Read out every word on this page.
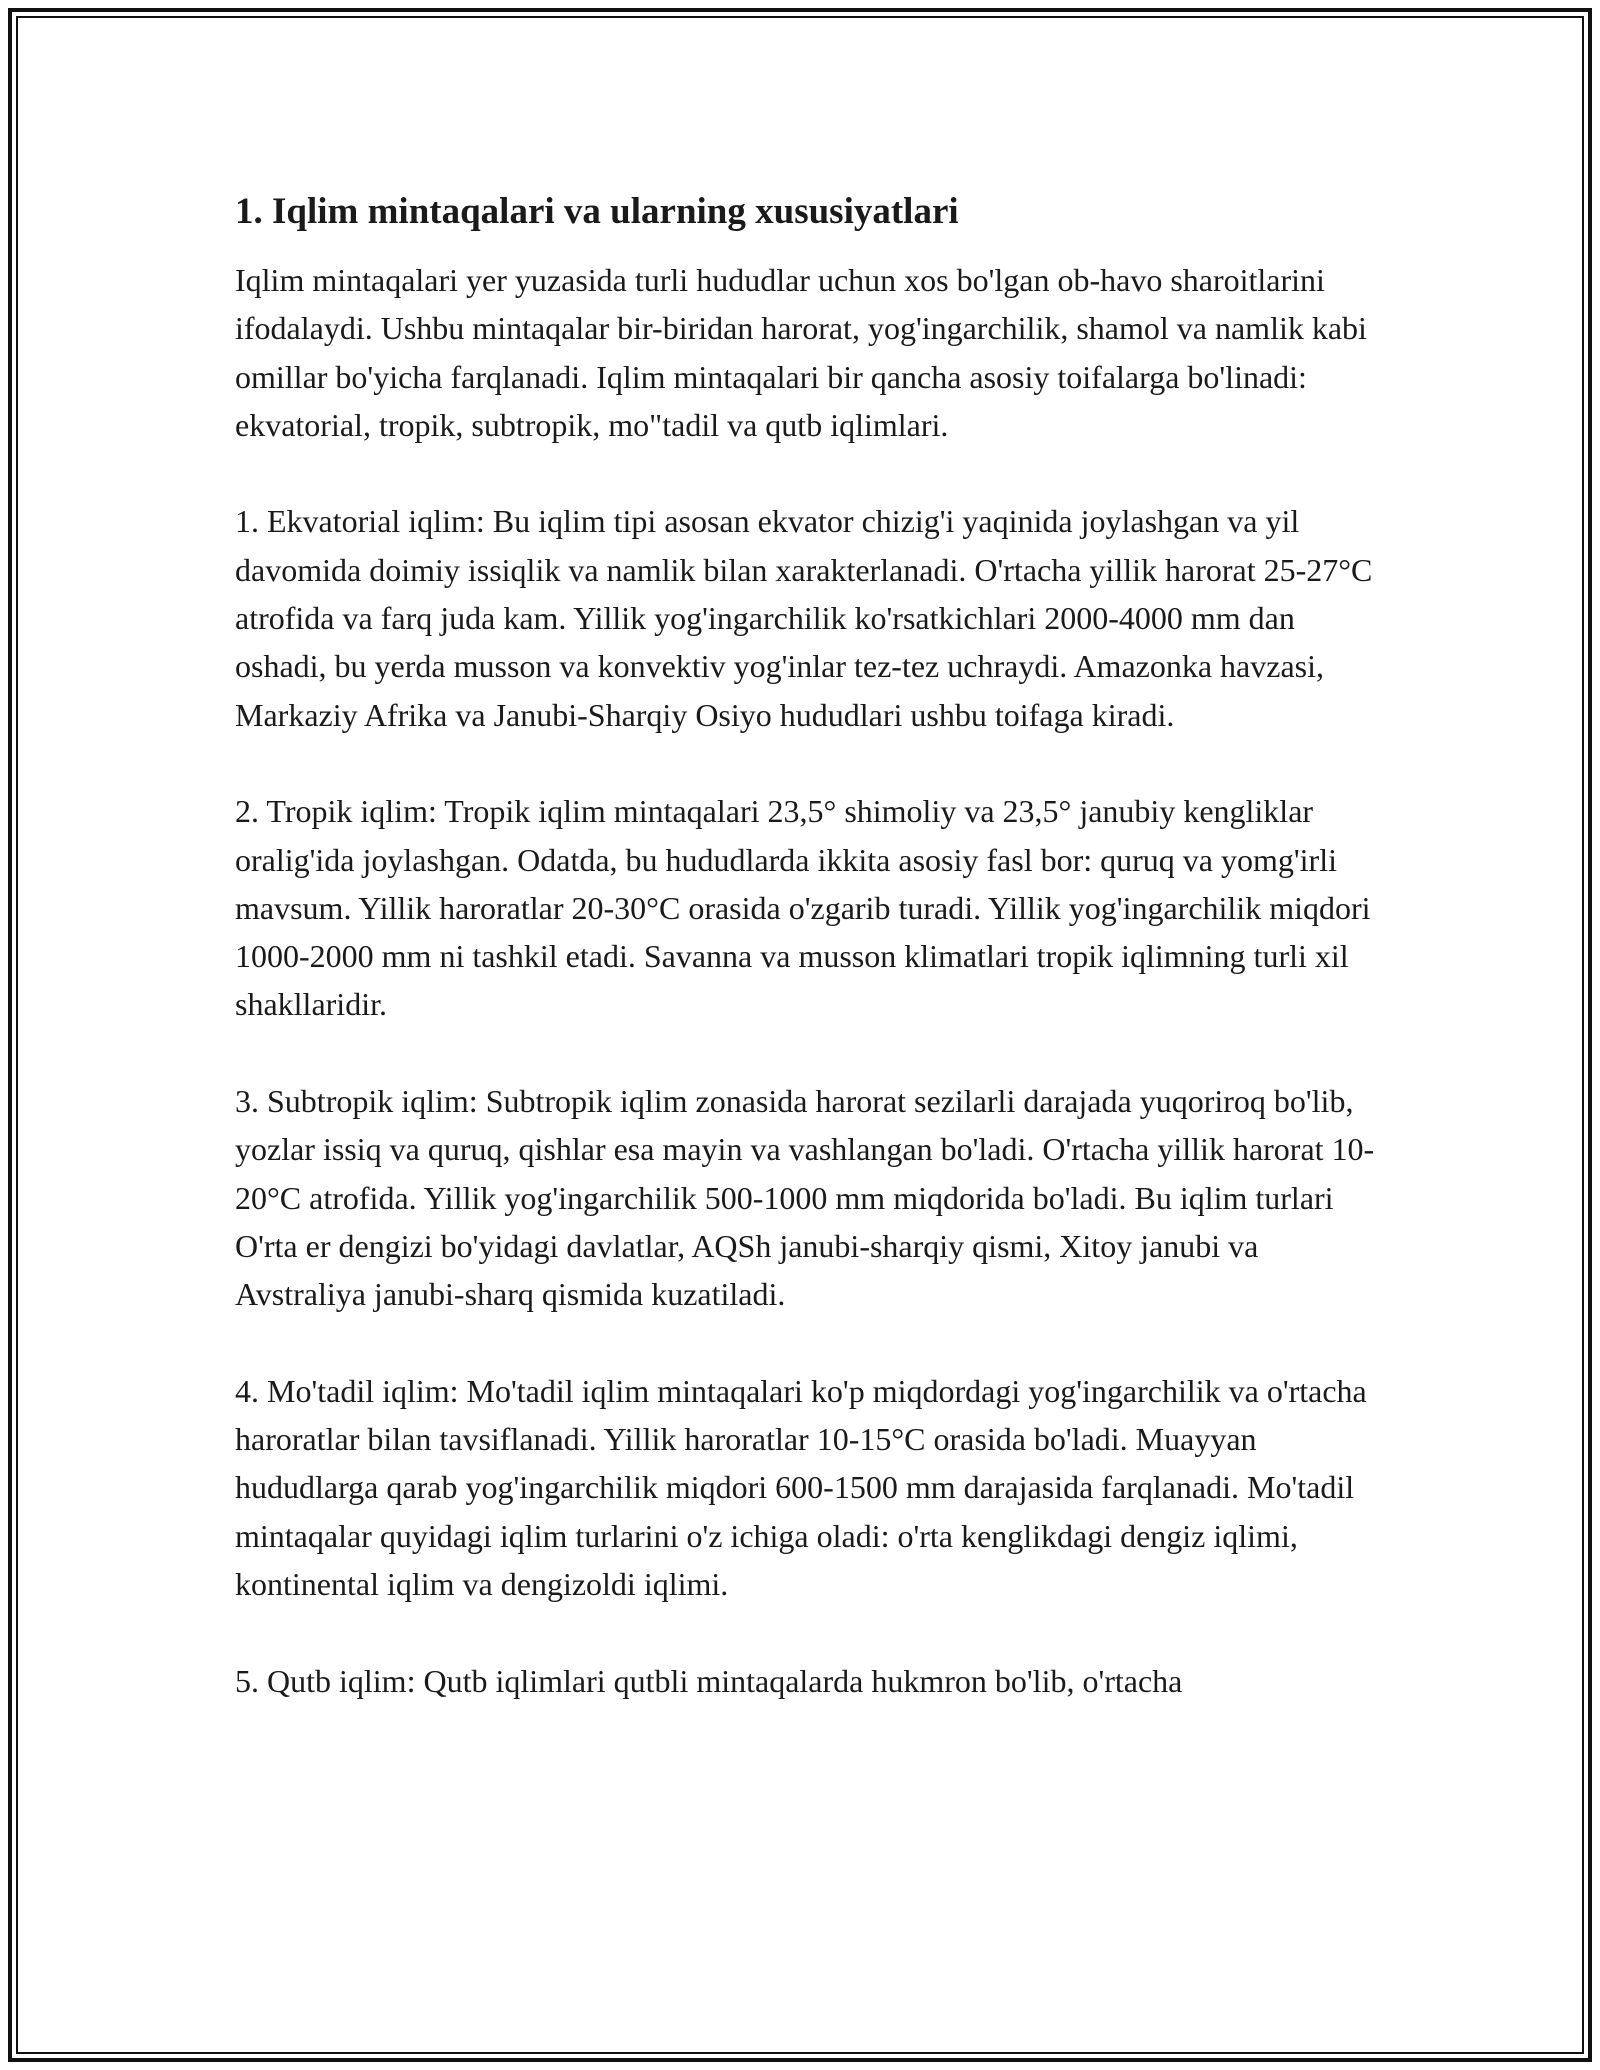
1. Iqlim mintaqalari va ularning xususiyatlari

Iqlim mintaqalari yer yuzasida turli hududlar uchun xos bo'lgan ob-havo sharoitlarini ifodalaydi. Ushbu mintaqalar bir-biridan harorat, yog'ingarchilik, shamol va namlik kabi omillar bo'yicha farqlanadi. Iqlim mintaqalari bir qancha asosiy toifalarga bo'linadi: ekvatorial, tropik, subtropik, mo"tadil va qutb iqlimlari.

1. Ekvatorial iqlim: Bu iqlim tipi asosan ekvator chizig'i yaqinida joylashgan va yil davomida doimiy issiqlik va namlik bilan xarakterlanadi. O'rtacha yillik harorat 25-27°C atrofida va farq juda kam. Yillik yog'ingarchilik ko'rsatkichlari 2000-4000 mm dan oshadi, bu yerda musson va konvektiv yog'inlar tez-tez uchraydi. Amazonka havzasi, Markaziy Afrika va Janubi-Sharqiy Osiyo hududlari ushbu toifaga kiradi.

2. Tropik iqlim: Tropik iqlim mintaqalari 23,5° shimoliy va 23,5° janubiy kengliklar oralig'ida joylashgan. Odatda, bu hududlarda ikkita asosiy fasl bor: quruq va yomg'irli mavsum. Yillik haroratlar 20-30°C orasida o'zgarib turadi. Yillik yog'ingarchilik miqdori 1000-2000 mm ni tashkil etadi. Savanna va musson klimatlari tropik iqlimning turli xil shakllaridir.

3. Subtropik iqlim: Subtropik iqlim zonasida harorat sezilarli darajada yuqoriroq bo'lib, yozlar issiq va quruq, qishlar esa mayin va vashlangan bo'ladi. O'rtacha yillik harorat 10-20°C atrofida. Yillik yog'ingarchilik 500-1000 mm miqdorida bo'ladi. Bu iqlim turlari O'rta er dengizi bo'yidagi davlatlar, AQSh janubi-sharqiy qismi, Xitoy janubi va Avstraliya janubi-sharq qismida kuzatiladi.

4. Mo'tadil iqlim: Mo'tadil iqlim mintaqalari ko'p miqdordagi yog'ingarchilik va o'rtacha haroratlar bilan tavsiflanadi. Yillik haroratlar 10-15°C orasida bo'ladi. Muayyan hududlarga qarab yog'ingarchilik miqdori 600-1500 mm darajasida farqlanadi. Mo'tadil mintaqalar quyidagi iqlim turlarini o'z ichiga oladi: o'rta kenglikdagi dengiz iqlimi, kontinental iqlim va dengizoldi iqlimi.

5. Qutb iqlim: Qutb iqlimlari qutbli mintaqalarda hukmron bo'lib, o'rtacha
